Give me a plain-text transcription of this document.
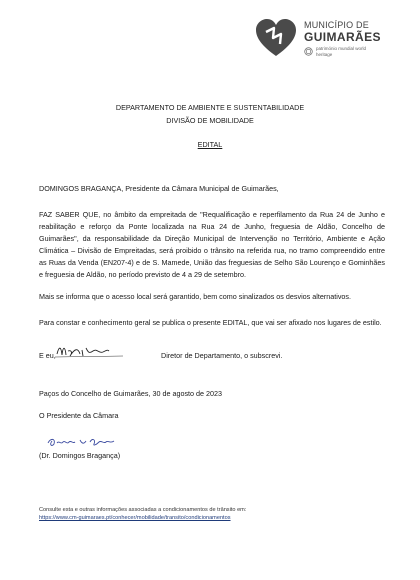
MUNICÍPIO DE
GUIMARÃES
património mundial world heritage
DEPARTAMENTO DE AMBIENTE E SUSTENTABILIDADE
DIVISÃO DE MOBILIDADE
EDITAL
DOMINGOS BRAGANÇA, Presidente da Câmara Municipal de Guimarães,
FAZ SABER QUE, no âmbito da empreitada de "Requalificação e reperfilamento da Rua 24 de Junho e reabilitação e reforço da Ponte localizada na Rua 24 de Junho, freguesia de Aldão, Concelho de Guimarães", da responsabilidade da Direção Municipal de Intervenção no Território, Ambiente e Ação Climática – Divisão de Empreitadas, será proibido o trânsito na referida rua, no tramo compreendido entre as Ruas da Venda (EN207-4) e de S. Mamede, União das freguesias de Selho São Lourenço e Gominhães e freguesia de Aldão, no período previsto de 4 a 29 de setembro.
Mais se informa que o acesso local será garantido, bem como sinalizados os desvios alternativos.
Para constar e conhecimento geral se publica o presente EDITAL, que vai ser afixado nos lugares de estilo.
E eu,	Diretor de Departamento, o subscrevi.
Paços do Concelho de Guimarães, 30 de agosto de 2023
O Presidente da Câmara
(Dr. Domingos Bragança)
Consulte esta e outras informações associadas a condicionamentos de trânsito em:
https://www.cm-guimaraes.pt/conhecer/mobilidade/transito/condicionamentos
